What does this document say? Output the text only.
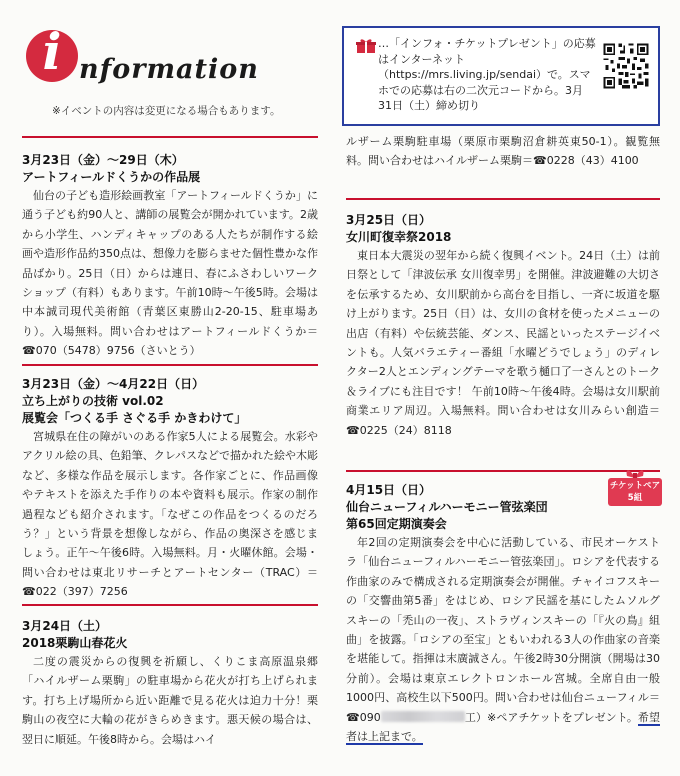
i nformation
※イベントの内容は変更になる場合もあります。
…「インフォ・チケットプレゼント」の応募はインターネット（https://mrs.living.jp/sendai）で。スマホでの応募は右の二次元コードから。3月31日（土）締め切り
3月23日（金）～29日（木）
アートフィールドくうかの作品展
仙台の子ども造形絵画教室「アートフィールドくうか」に通う子ども約90人と、講師の展覧会が開かれています。2歳から小学生、ハンディキャップのある人たちが制作する絵画や造形作品約350点は、想像力を膨らませた個性豊かな作品ばかり。25日（日）からは連日、春にふさわしいワークショップ（有料）もあります。午前10時～午後5時。会場は中本誠司現代美術館（青葉区東勝山2-20-15、駐車場あり）。入場無料。問い合わせはアートフィールドくうか＝☎070（5478）9756（さいとう）
3月23日（金）～4月22日（日）
立ち上がりの技術 vol.02
展覧会「つくる手 さぐる手 かきわけて」
宮城県在住の障がいのある作家5人による展覧会。水彩やアクリル絵の具、色鉛筆、クレパスなどで描かれた絵や木彫など、多様な作品を展示します。各作家ごとに、作品画像やテキストを添えた手作りの本や資料も展示。作家の制作過程なども紹介されます。「なぜこの作品をつくるのだろう？」という背景を想像しながら、作品の奥深さを感じましょう。正午～午後6時。入場無料。月・火曜休館。会場・問い合わせは東北リサーチとアートセンター（TRAC）＝☎022（397）7256
3月24日（土）
2018栗駒山春花火
二度の震災からの復興を祈願し、くりこま高原温泉郷「ハイルザーム栗駒」の駐車場から花火が打ち上げられます。打ち上げ場所から近い距離で見る花火は迫力十分！栗駒山の夜空に大輪の花がきらめきます。悪天候の場合は、翌日に順延。午後8時から。会場はハイ
ルザーム栗駒駐車場（栗原市栗駒沼倉耕英東50-1）。観覧無料。問い合わせはハイルザーム栗駒＝☎0228（43）4100
3月25日（日）
女川町復幸祭2018
東日本大震災の翌年から続く復興イベント。24日（土）は前日祭として「津波伝承 女川復幸男」を開催。津波避難の大切さを伝承するため、女川駅前から高台を目指し、一斉に坂道を駆け上がります。25日（日）は、女川の食材を使ったメニューの出店（有料）や伝統芸能、ダンス、民謡といったステージイベントも。人気バラエティー番組「水曜どうでしょう」のディレクター2人とエンディングテーマを歌う樋口了一さんとのトーク＆ライブにも注目です！ 午前10時～午後4時。会場は女川駅前商業エリア周辺。入場無料。問い合わせは女川みらい創造＝☎0225（24）8118
チケットペア5組
4月15日（日）
仙台ニューフィルハーモニー管弦楽団
第65回定期演奏会
年2回の定期演奏会を中心に活動している、市民オーケストラ「仙台ニューフィルハーモニー管弦楽団」。ロシアを代表する作曲家のみで構成される定期演奏会が開催。チャイコフスキーの「交響曲第5番」をはじめ、ロシア民謡を基にしたムソルグスキーの「禿山の一夜」、ストラヴィンスキーの「『火の鳥』組曲」を披露。「ロシアの至宝」ともいわれる3人の作曲家の音楽を堪能して。指揮は末廣誠さん。午後2時30分開演（開場は30分前）。会場は東京エレクトロンホール宮城。全席自由一般1000円、高校生以下500円。問い合わせは仙台ニューフィル＝☎090	工）※ペアチケットをプレゼント。希望者は上記まで。
